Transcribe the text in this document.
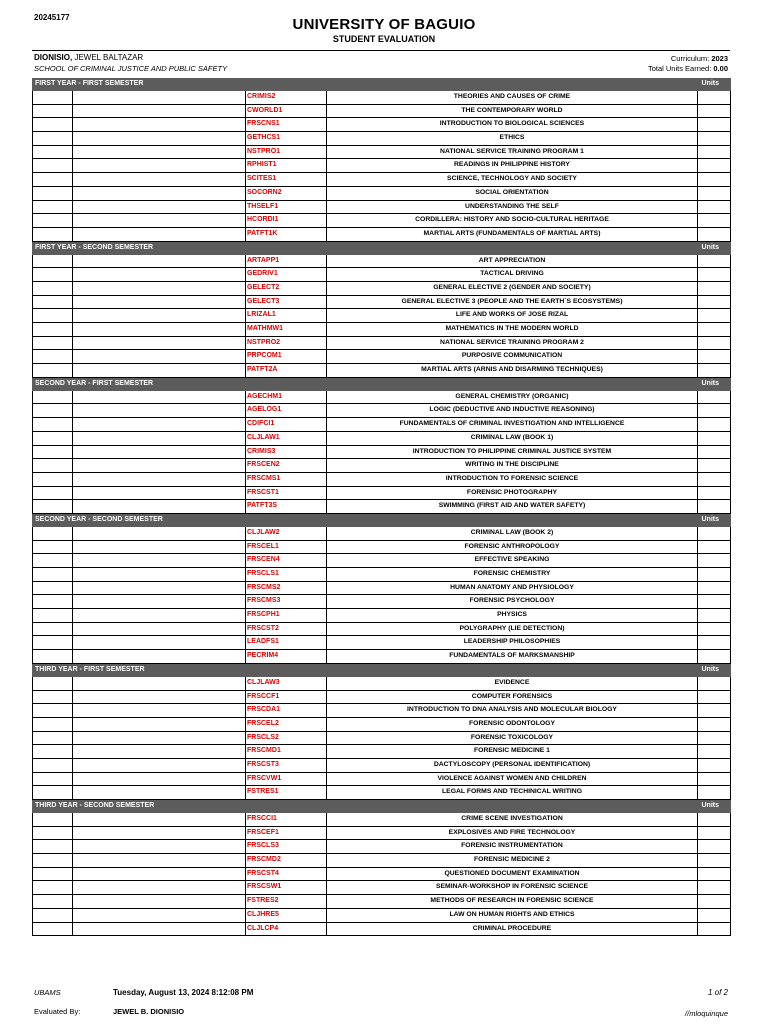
20245177	UNIVERSITY OF BAGUIO
STUDENT EVALUATION
DIONISIO, JEWEL BALTAZAR
SCHOOL OF CRIMINAL JUSTICE AND PUBLIC SAFETY
Curriculum: 2023
Total Units Earned: 0.00
FIRST YEAR - FIRST SEMESTER	Units
CRIMIS2	THEORIES AND CAUSES OF CRIME
CWORLD1	THE CONTEMPORARY WORLD
FRSCNS1	INTRODUCTION TO BIOLOGICAL SCIENCES
GETHCS1	ETHICS
NSTPRO1	NATIONAL SERVICE TRAINING PROGRAM 1
RPHIST1	READINGS IN PHILIPPINE HISTORY
SCITES1	SCIENCE, TECHNOLOGY AND SOCIETY
SOCORN2	SOCIAL ORIENTATION
THSELF1	UNDERSTANDING THE SELF
HCORDI1	CORDILLERA: HISTORY AND SOCIO-CULTURAL HERITAGE
PATFT1K	MARTIAL ARTS (FUNDAMENTALS OF MARTIAL ARTS)
FIRST YEAR - SECOND SEMESTER	Units
ARTAPP1	ART APPRECIATION
GEDRIV1	TACTICAL DRIVING
GELECT2	GENERAL ELECTIVE 2 (GENDER AND SOCIETY)
GELECT3	GENERAL ELECTIVE 3 (PEOPLE AND THE EARTH`S ECOSYSTEMS)
LRIZAL1	LIFE AND WORKS OF JOSE RIZAL
MATHMW1	MATHEMATICS IN THE MODERN WORLD
NSTPRO2	NATIONAL SERVICE TRAINING PROGRAM 2
PRPCOM1	PURPOSIVE COMMUNICATION
PATFT2A	MARTIAL ARTS (ARNIS AND DISARMING TECHNIQUES)
SECOND YEAR - FIRST SEMESTER	Units
AGECHM1	GENERAL CHEMISTRY (ORGANIC)
AGELOG1	LOGIC (DEDUCTIVE AND INDUCTIVE REASONING)
CDIFCI1	FUNDAMENTALS OF CRIMINAL INVESTIGATION AND INTELLIGENCE
CLJLAW1	CRIMINAL LAW (BOOK 1)
CRIMIS3	INTRODUCTION TO PHILIPPINE CRIMINAL JUSTICE SYSTEM
FRSCEN2	WRITING IN THE DISCIPLINE
FRSCMS1	INTRODUCTION TO FORENSIC SCIENCE
FRSCST1	FORENSIC PHOTOGRAPHY
PATFT3S	SWIMMING (FIRST AID AND WATER SAFETY)
SECOND YEAR - SECOND SEMESTER	Units
CLJLAW2	CRIMINAL LAW (BOOK 2)
FRSCEL1	FORENSIC ANTHROPOLOGY
FRSCEN4	EFFECTIVE SPEAKING
FRSCLS1	FORENSIC CHEMISTRY
FRSCMS2	HUMAN ANATOMY AND PHYSIOLOGY
FRSCMS3	FORENSIC PSYCHOLOGY
FRSCPH1	PHYSICS
FRSCST2	POLYGRAPHY (LIE DETECTION)
LEADFS1	LEADERSHIP PHILOSOPHIES
PECRIM4	FUNDAMENTALS OF MARKSMANSHIP
THIRD YEAR - FIRST SEMESTER	Units
CLJLAW3	EVIDENCE
FRSCCF1	COMPUTER FORENSICS
FRSCDA1	INTRODUCTION TO DNA ANALYSIS AND MOLECULAR BIOLOGY
FRSCEL2	FORENSIC ODONTOLOGY
FRSCLS2	FORENSIC TOXICOLOGY
FRSCMD1	FORENSIC MEDICINE 1
FRSCST3	DACTYLOSCOPY (PERSONAL IDENTIFICATION)
FRSCVW1	VIOLENCE AGAINST WOMEN AND CHILDREN
FSTRES1	LEGAL FORMS AND TECHINICAL WRITING
THIRD YEAR - SECOND SEMESTER	Units
FRSCCI1	CRIME SCENE INVESTIGATION
FRSCEF1	EXPLOSIVES AND FIRE TECHNOLOGY
FRSCLS3	FORENSIC INSTRUMENTATION
FRSCMD2	FORENSIC MEDICINE 2
FRSCST4	QUESTIONED DOCUMENT EXAMINATION
FRSCSW1	SEMINAR-WORKSHOP IN FORENSIC SCIENCE
FSTRES2	METHODS OF RESEARCH IN FORENSIC SCIENCE
CLJHRE5	LAW ON HUMAN RIGHTS AND ETHICS
CLJLCP4	CRIMINAL PROCEDURE
UBAMS	Tuesday, August 13, 2024 8:12:08 PM	1 of 2
Evaluated By:	JEWEL B. DIONISIO	//mloquinque
